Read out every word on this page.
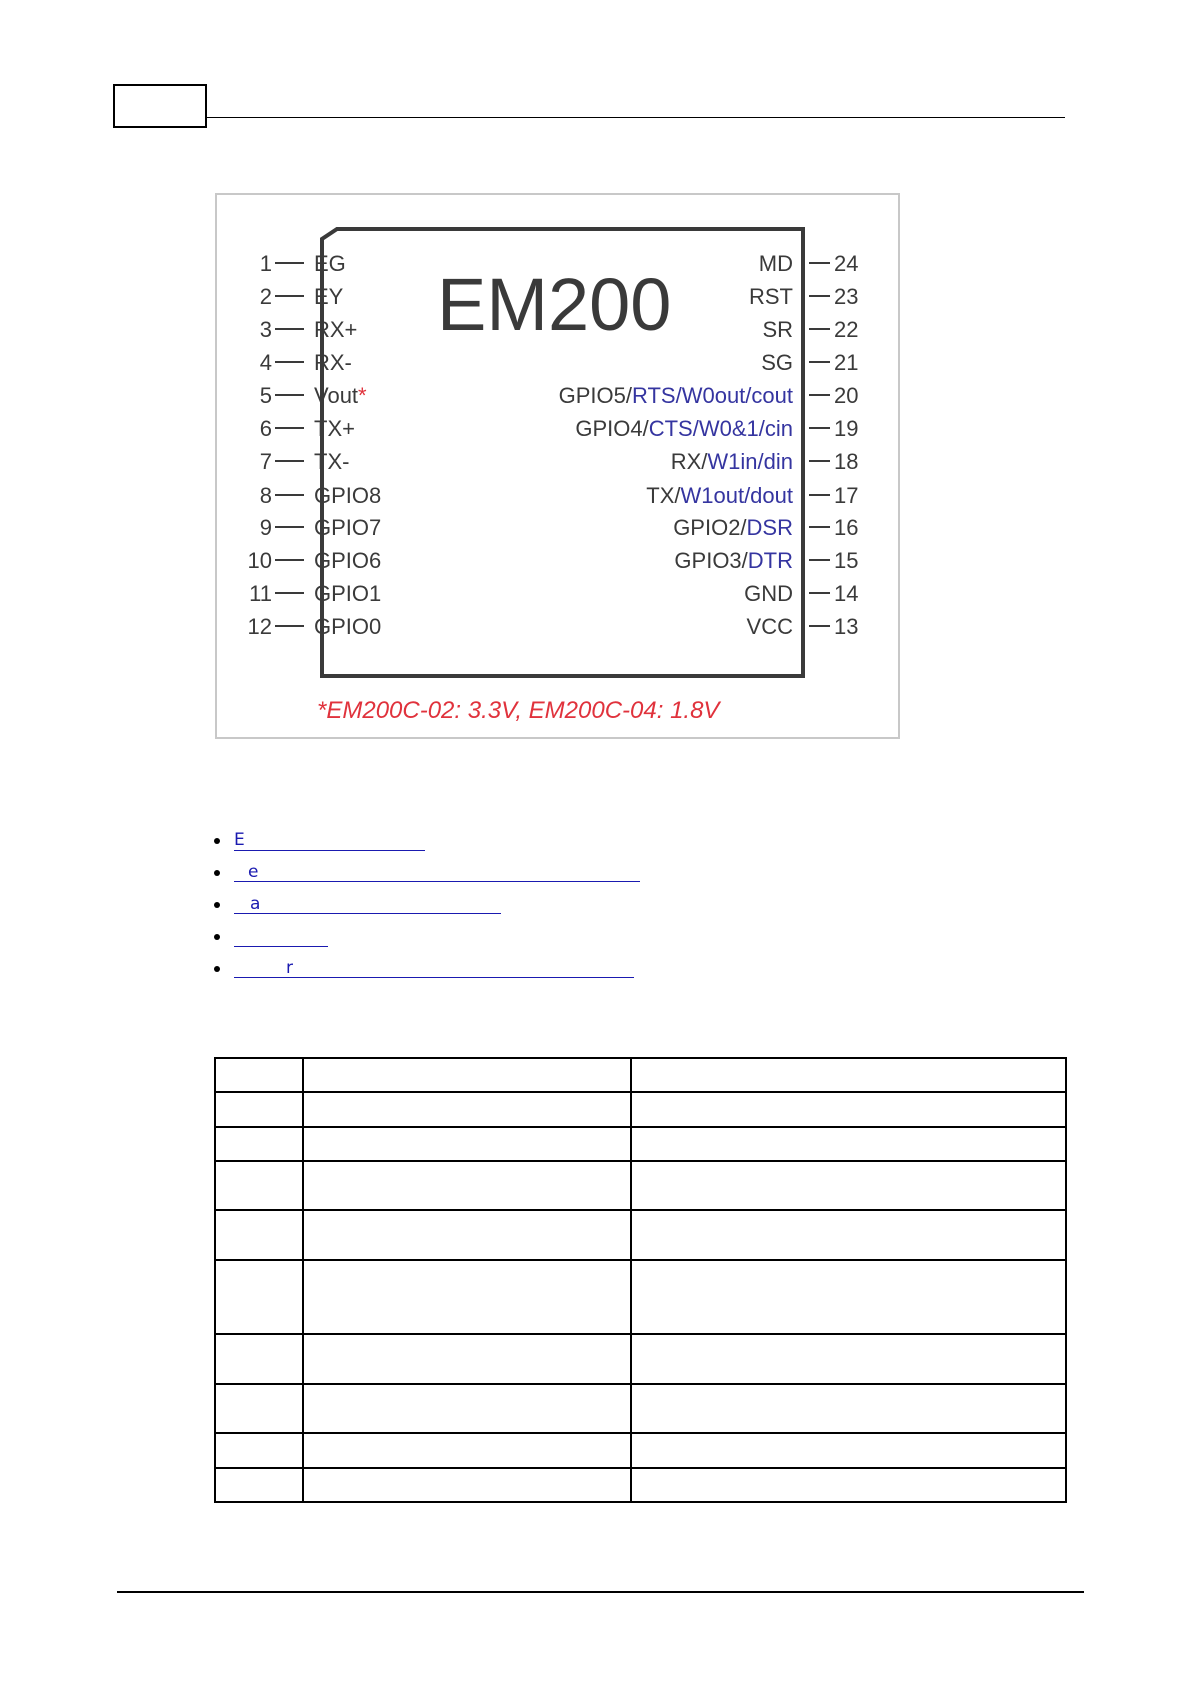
EM200
*EM200C-02: 3.3V, EM200C-04: 1.8V
1 EG
2 EY
3 RX+
4 RX-
5 Vout*
6 TX+
7 TX-
8 GPIO8
9 GPIO7
10 GPIO6
11 GPIO1
12 GPIO0
MD 24
RST 23
SR 22
SG 21
GPIO5/RTS/W0out/cout 20
GPIO4/CTS/W0&1/cin 19
RX/W1in/din 18
TX/W1out/dout 17
GPIO2/DSR 16
GPIO3/DTR 15
GND 14
VCC 13
E
e
a
r
